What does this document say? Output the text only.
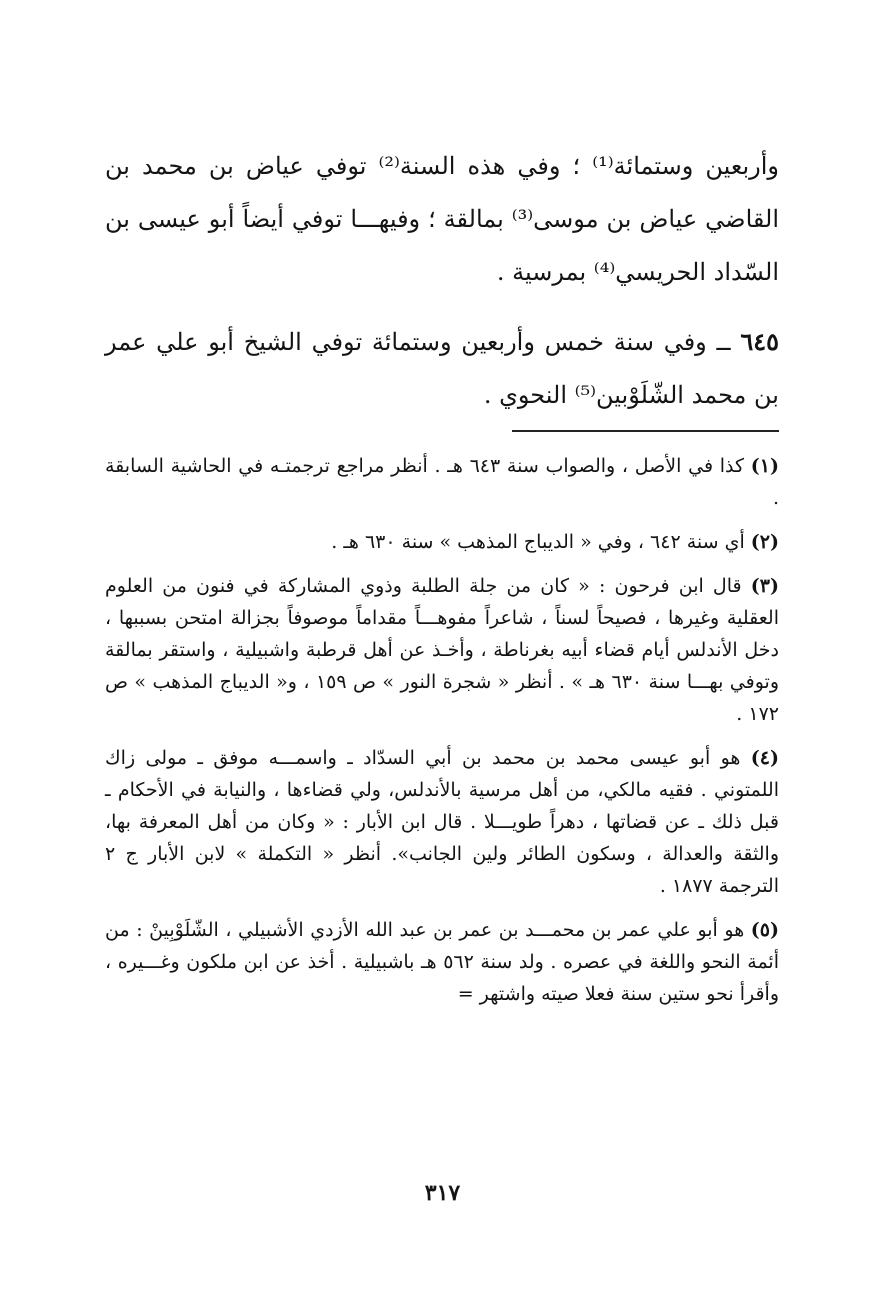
وأربعين وستمائة⁽¹⁾ ؛ وفي هذه السنة⁽²⁾ توفي عياض بن محمد بن القاضي عياض بن موسى⁽³⁾ بمالقة ؛ وفيهـــا توفي أيضاً أبو عيسى بن السّداد الحريسي⁽⁴⁾ بمرسية .

٦٤٥ ــ وفي سنة خمس وأربعين وستمائة توفي الشيخ أبو علي عمر بن محمد الشّلَوْبين⁽⁵⁾ النحوي .

(١) كذا في الأصل ، والصواب سنة ٦٤٣ هـ . أنظر مراجع ترجمتـه في الحاشية السابقة .

(٢) أي سنة ٦٤٢ ، وفي « الديباج المذهب » سنة ٦٣٠ هـ .

(٣) قال ابن فرحون : « كان من جلة الطلبة وذوي المشاركة في فنون من العلوم العقلية وغيرها ، فصيحاً لسناً ، شاعراً مفوهـــاً مقداماً موصوفاً بجزالة امتحن بسببها ، دخل الأندلس أيام قضاء أبيه بغرناطة ، وأخـذ عن أهل قرطبة واشبيلية ، واستقر بمالقة وتوفي بهـــا سنة ٦٣٠ هـ » . أنظر « شجرة النور » ص ١٥٩ ، و« الديباج المذهب » ص ١٧٢ .

(٤) هو أبو عيسى محمد بن محمد بن أبي السدّاد ـ واسمـــه موفق ـ مولى زاك اللمتوني . فقيه مالكي، من أهل مرسية بالأندلس، ولي قضاءها ، والنيابة في الأحكام ـ قبل ذلك ـ عن قضاتها ، دهراً طويـــلا . قال ابن الأبار : « وكان من أهل المعرفة بها، والثقة والعدالة ، وسكون الطائر ولين الجانب». أنظر « التكملة » لابن الأبار ج ٢ الترجمة ١٨٧٧ .

(٥) هو أبو علي عمر بن محمـــد بن عمر بن عبد الله الأزدي الأشبيلي ، الشّلَوْبِينْ : من أئمة النحو واللغة في عصره . ولد سنة ٥٦٢ هـ باشبيلية . أخذ عن ابن ملكون وغـــيره ، وأقرأ نحو ستين سنة فعلا صيته واشتهر =

٣١٧
